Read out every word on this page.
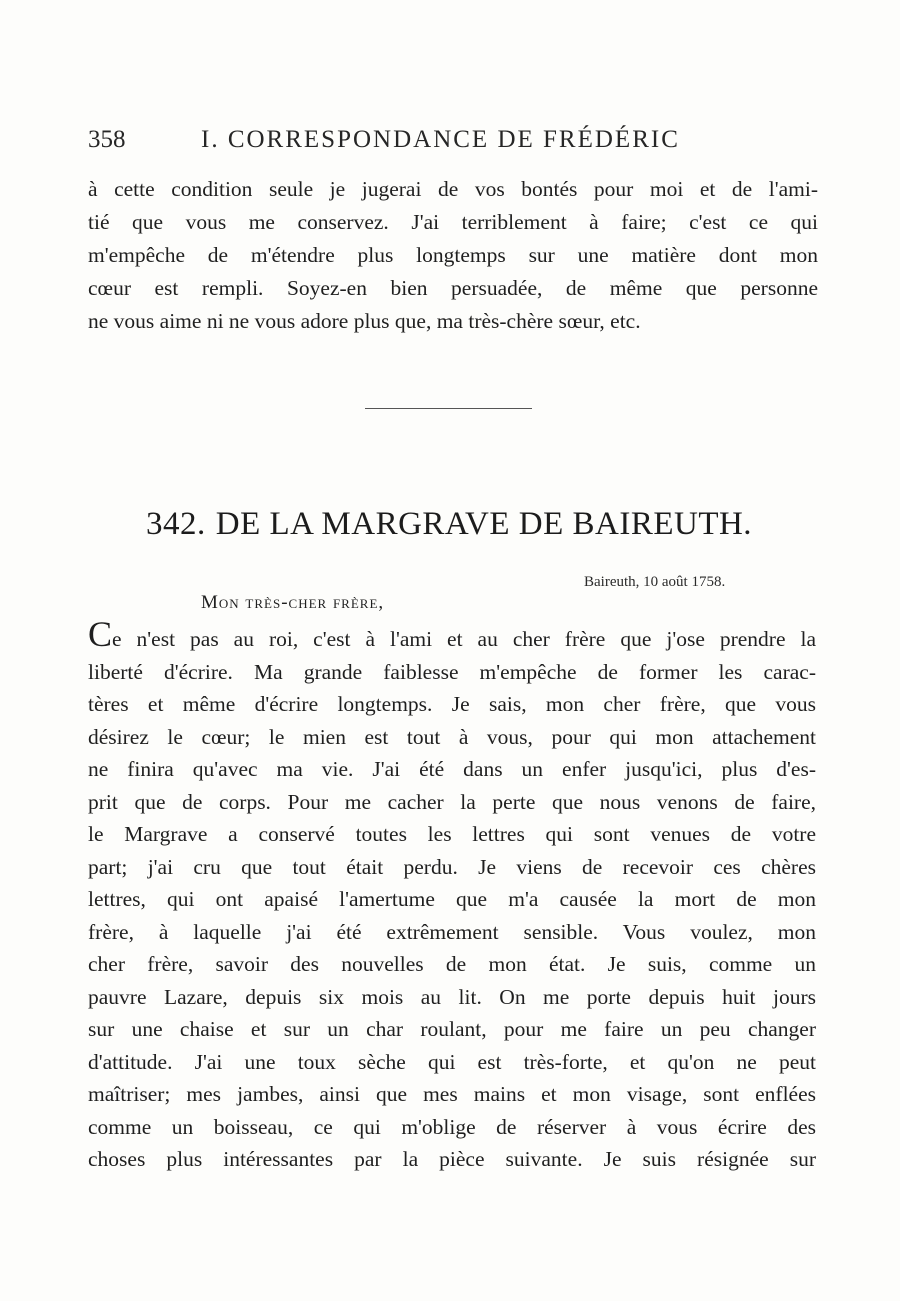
358	I. CORRESPONDANCE DE FRÉDÉRIC
à cette condition seule je jugerai de vos bontés pour moi et de l'ami-
tié que vous me conservez. J'ai terriblement à faire; c'est ce qui
m'empêche de m'étendre plus longtemps sur une matière dont mon
cœur est rempli. Soyez-en bien persuadée, de même que personne
ne vous aime ni ne vous adore plus que, ma très-chère sœur, etc.
342. DE LA MARGRAVE DE BAIREUTH.
Baireuth, 10 août 1758.
Mon très-cher frère,
Ce n'est pas au roi, c'est à l'ami et au cher frère que j'ose prendre la
liberté d'écrire. Ma grande faiblesse m'empêche de former les carac-
tères et même d'écrire longtemps. Je sais, mon cher frère, que vous
désirez le cœur; le mien est tout à vous, pour qui mon attachement
ne finira qu'avec ma vie. J'ai été dans un enfer jusqu'ici, plus d'es-
prit que de corps. Pour me cacher la perte que nous venons de faire,
le Margrave a conservé toutes les lettres qui sont venues de votre
part; j'ai cru que tout était perdu. Je viens de recevoir ces chères
lettres, qui ont apaisé l'amertume que m'a causée la mort de mon
frère, à laquelle j'ai été extrêmement sensible. Vous voulez, mon
cher frère, savoir des nouvelles de mon état. Je suis, comme un
pauvre Lazare, depuis six mois au lit. On me porte depuis huit jours
sur une chaise et sur un char roulant, pour me faire un peu changer
d'attitude. J'ai une toux sèche qui est très-forte, et qu'on ne peut
maîtriser; mes jambes, ainsi que mes mains et mon visage, sont enflées
comme un boisseau, ce qui m'oblige de réserver à vous écrire des
choses plus intéressantes par la pièce suivante. Je suis résignée sur
